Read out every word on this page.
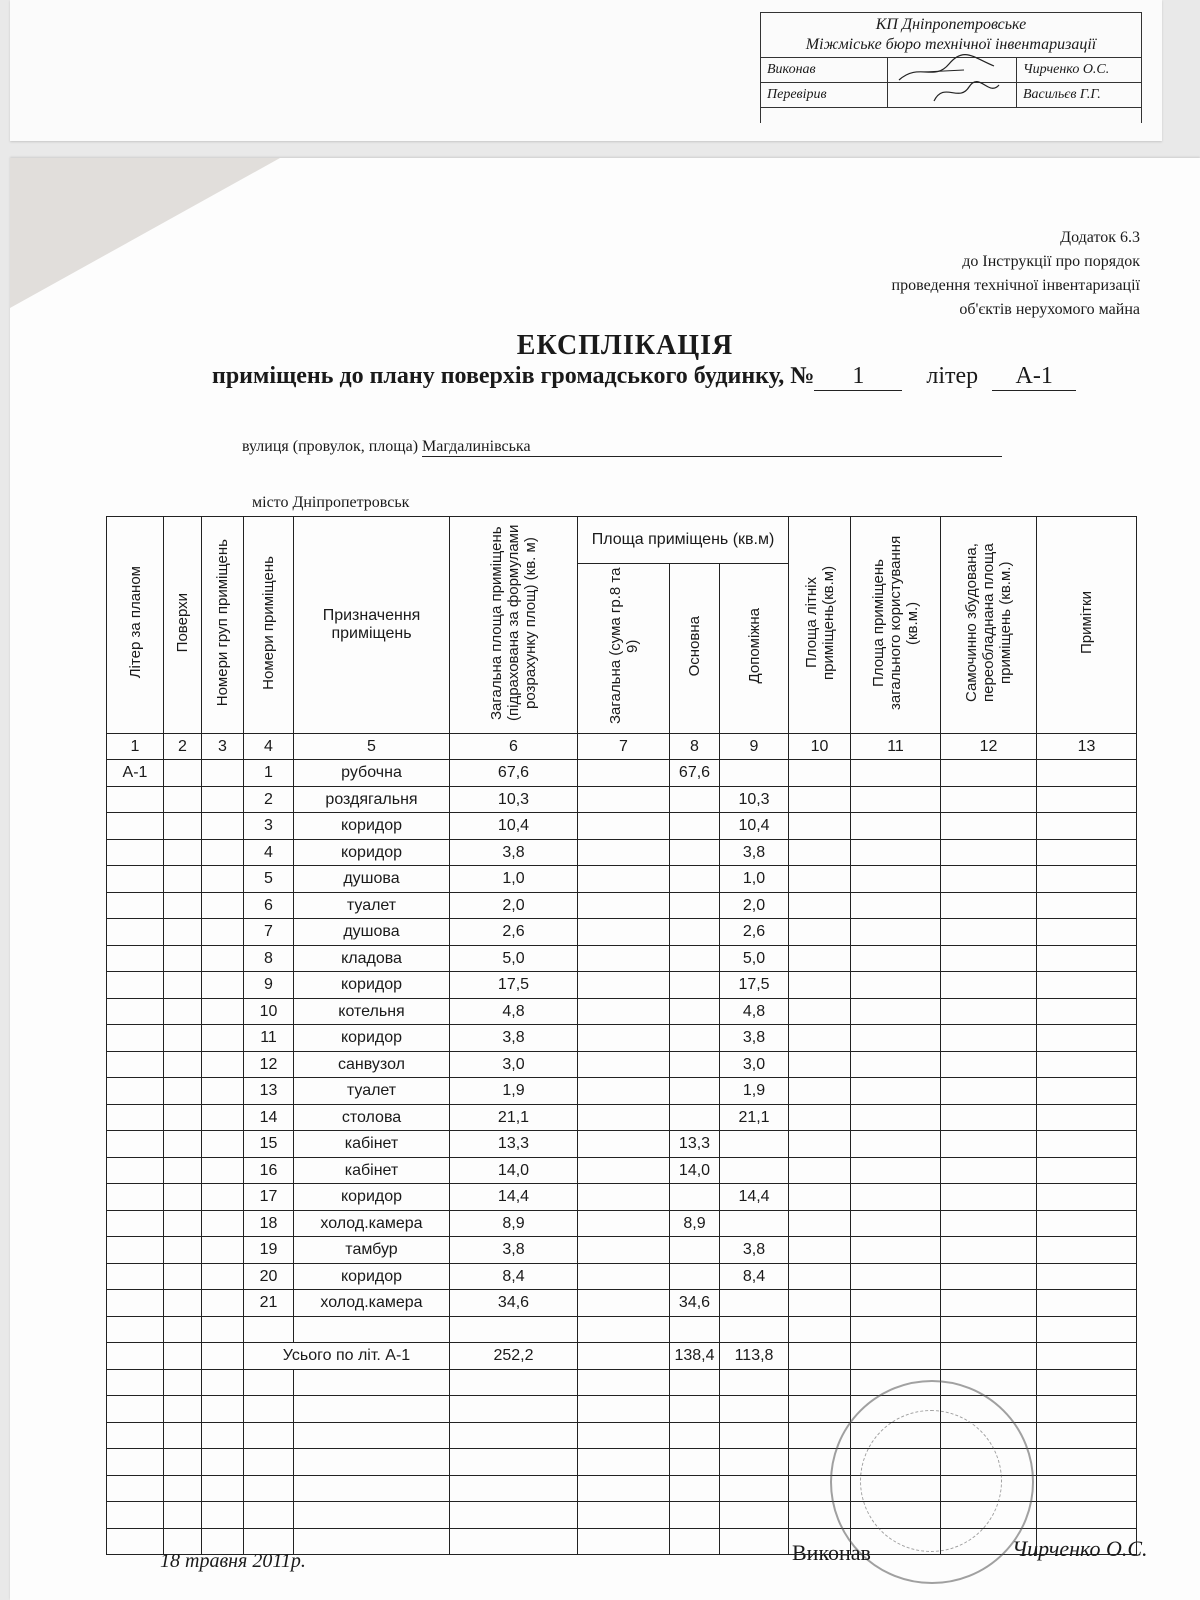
КП Дніпропетровське
Міжміське бюро технічної інвентаризації
Виконав	Чирченко О.С.
Перевірив	Васильєв Г.Г.
Додаток 6.3
до Інструкції про порядок
проведення технічної інвентаризації
об'єктів нерухомого майна
ЕКСПЛІКАЦІЯ
приміщень до плану поверхів громадського будинку, № 1	літер А-1
вулиця (провулок, площа) Магдалинівська
місто Дніпропетровськ
Літер за планом	Поверхи	Номери груп приміщень	Номери приміщень	Призначення приміщень	Загальна площа приміщень (підрахована за формулами розрахунку площ) (кв. м)	Площа приміщень (кв.м)			Площа літніх приміщень(кв.м)	Площа приміщень загального користування (кв.м.)	Самочинно збудована, переобладнана площа приміщень (кв.м.)	Примітки
						Загальна (сума гр.8 та 9)	Основна	Допоміжна				
1	2	3	4	5	6	7	8	9	10	11	12	13
А-1			1	рубочна	67,6		67,6					
			2	роздягальня	10,3			10,3				
			3	коридор	10,4			10,4				
			4	коридор	3,8			3,8				
			5	душова	1,0			1,0				
			6	туалет	2,0			2,0				
			7	душова	2,6			2,6				
			8	кладова	5,0			5,0				
			9	коридор	17,5			17,5				
			10	котельня	4,8			4,8				
			11	коридор	3,8			3,8				
			12	санвузол	3,0			3,0				
			13	туалет	1,9			1,9				
			14	столова	21,1			21,1				
			15	кабінет	13,3		13,3					
			16	кабінет	14,0		14,0					
			17	коридор	14,4			14,4				
			18	холод.камера	8,9		8,9					
			19	тамбур	3,8			3,8				
			20	коридор	8,4			8,4				
			21	холод.камера	34,6		34,6					

			Усього по літ. А-1		252,2		138,4	113,8				

18 травня 2011р.	Виконав	Чирченко О.С.
